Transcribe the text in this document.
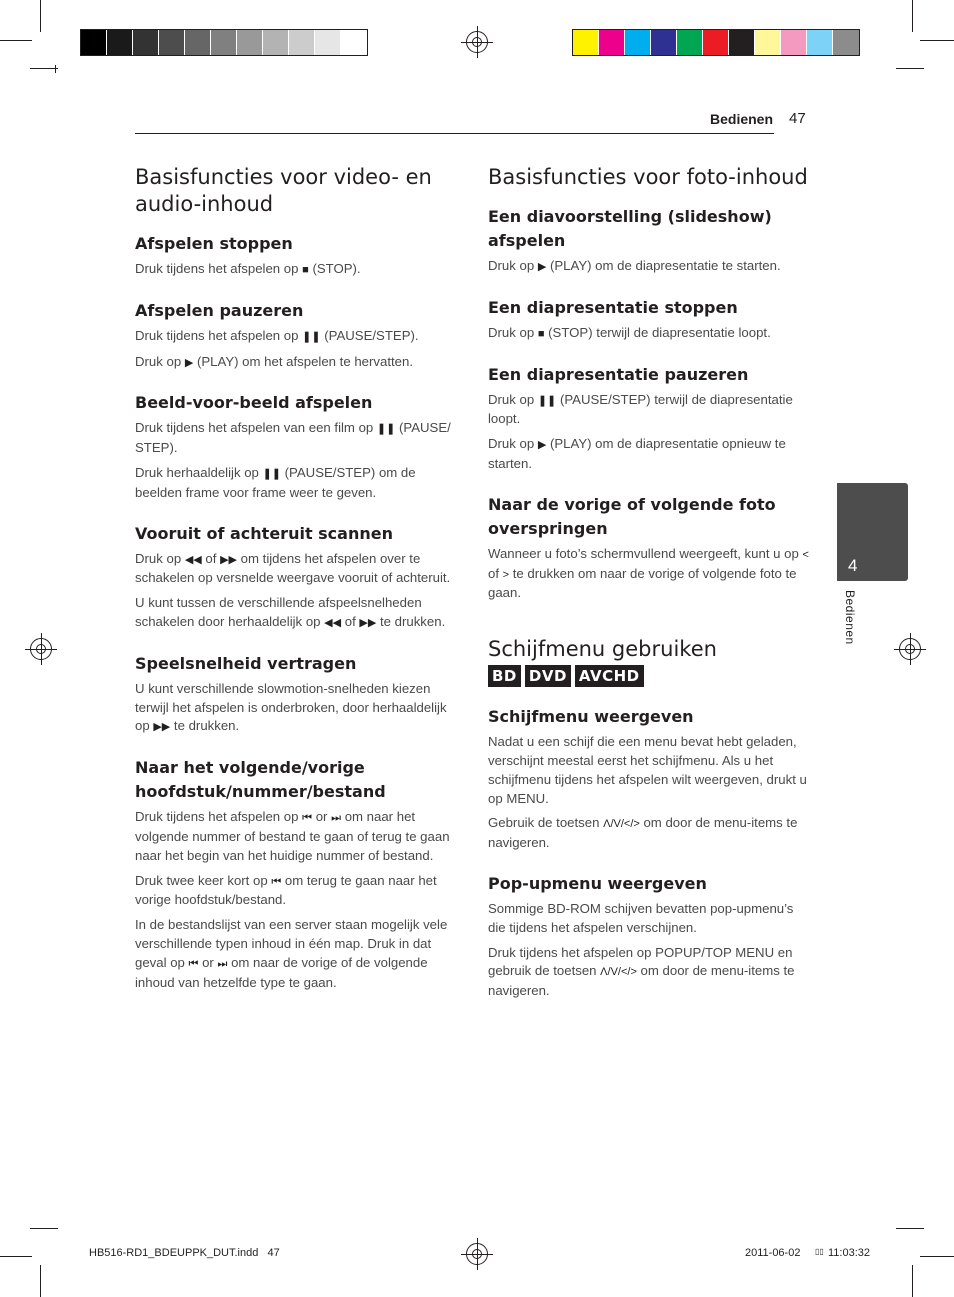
Bedienen 47
Basisfuncties voor video- en audio-inhoud
Afspelen stoppen

Druk tijdens het afspelen op ■ (STOP).

Afspelen pauzeren

Druk tijdens het afspelen op ❚❚ (PAUSE/STEP).

Druk op ▶ (PLAY) om het afspelen te hervatten.

Beeld-voor-beeld afspelen

Druk tijdens het afspelen van een film op ❚❚ (PAUSE/ STEP).

Druk herhaaldelijk op ❚❚ (PAUSE/STEP) om de beelden frame voor frame weer te geven.

Vooruit of achteruit scannen

Druk op ◀◀ of ▶▶ om tijdens het afspelen over te schakelen op versnelde weergave vooruit of achteruit.

U kunt tussen de verschillende afspeelsnelheden schakelen door herhaaldelijk op ◀◀ of ▶▶ te drukken.

Speelsnelheid vertragen

U kunt verschillende slowmotion-snelheden kiezen terwijl het afspelen is onderbroken, door herhaaldelijk op ▶▶ te drukken.

Naar het volgende/vorige hoofdstuk/nummer/bestand

Druk tijdens het afspelen op ⏮ or ⏭ om naar het volgende nummer of bestand te gaan of terug te gaan naar het begin van het huidige nummer of bestand.

Druk twee keer kort op ⏮ om terug te gaan naar het vorige hoofdstuk/bestand.

In de bestandslijst van een server staan mogelijk vele verschillende typen inhoud in één map. Druk in dat geval op ⏮ or ⏭ om naar de vorige of de volgende inhoud van hetzelfde type te gaan.

Basisfuncties voor foto-inhoud
Een diavoorstelling (slideshow) afspelen

Druk op ▶ (PLAY) om de diapresentatie te starten.

Een diapresentatie stoppen

Druk op ■ (STOP) terwijl de diapresentatie loopt.

Een diapresentatie pauzeren

Druk op ❚❚ (PAUSE/STEP) terwijl de diapresentatie loopt.

Druk op ▶ (PLAY) om de diapresentatie opnieuw te starten.

Naar de vorige of volgende foto overspringen

Wanneer u foto’s schermvullend weergeeft, kunt u op < of > te drukken om naar de vorige of volgende foto te gaan.

Schijfmenu gebruiken
BD DVD AVCHD
Schijfmenu weergeven

Nadat u een schijf die een menu bevat hebt geladen, verschijnt meestal eerst het schijfmenu. Als u het schijfmenu tijdens het afspelen wilt weergeven, drukt u op MENU.

Gebruik de toetsen Λ/V/</> om door de menu-items te navigeren.

Pop-upmenu weergeven

Sommige BD-ROM schijven bevatten pop-upmenu’s die tijdens het afspelen verschijnen.

Druk tijdens het afspelen op POPUP/TOP MENU en gebruik de toetsen Λ/V/</> om door de menu-items te navigeren.

4
Bedienen
HB516-RD1_BDEUPPK_DUT.indd   47	2011-06-02 ▯▯ 11:03:32
